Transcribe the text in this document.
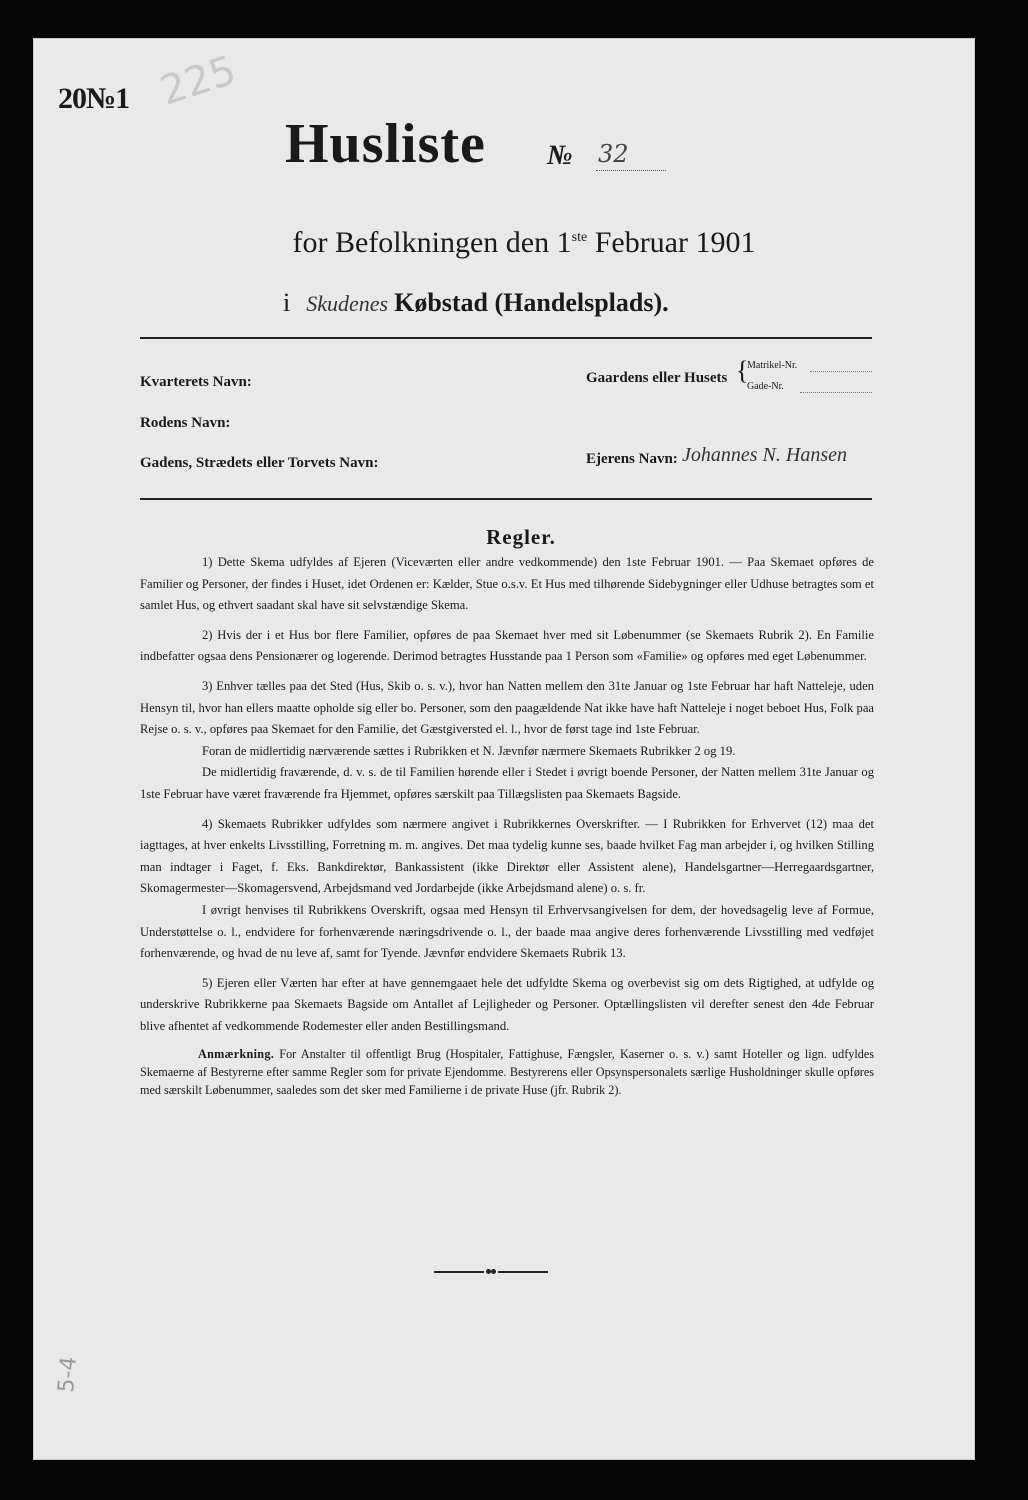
20№1 225
Husliste № 32
for Befolkningen den 1ste Februar 1901
i Skudenes Købstad (Handelsplads).
Kvarterets Navn:
Rodens Navn:
Gadens, Strædets eller Torvets Navn:
Gaardens eller Husets {
Matrikel-Nr.
Gade-Nr.
Ejerens Navn: Johannes N. Hansen
Regler.

1) Dette Skema udfyldes af Ejeren (Viceværten eller andre vedkommende) den 1ste Februar 1901. — Paa Skemaet opføres de Familier og Personer, der findes i Huset, idet Ordenen er: Kælder, Stue o.s.v. Et Hus med tilhørende Sidebygninger eller Udhuse betragtes som et samlet Hus, og ethvert saadant skal have sit selvstændige Skema.

2) Hvis der i et Hus bor flere Familier, opføres de paa Skemaet hver med sit Løbenummer (se Skemaets Rubrik 2). En Familie indbefatter ogsaa dens Pensionærer og logerende. Derimod betragtes Husstande paa 1 Person som «Familie» og opføres med eget Løbenummer.

3) Enhver tælles paa det Sted (Hus, Skib o. s. v.), hvor han Natten mellem den 31te Januar og 1ste Februar har haft Natteleje, uden Hensyn til, hvor han ellers maatte opholde sig eller bo. Personer, som den paagældende Nat ikke have haft Natteleje i noget beboet Hus, Folk paa Rejse o. s. v., opføres paa Skemaet for den Familie, det Gæstgiversted el. l., hvor de først tage ind 1ste Februar.

Foran de midlertidig nærværende sættes i Rubrikken et N. Jævnfør nærmere Skemaets Rubrikker 2 og 19.

De midlertidig fraværende, d. v. s. de til Familien hørende eller i Stedet i øvrigt boende Personer, der Natten mellem 31te Januar og 1ste Februar have været fraværende fra Hjemmet, opføres særskilt paa Tillægslisten paa Skemaets Bagside.

4) Skemaets Rubrikker udfyldes som nærmere angivet i Rubrikkernes Overskrifter. — I Rubrikken for Erhvervet (12) maa det iagttages, at hver enkelts Livsstilling, Forretning m. m. angives. Det maa tydelig kunne ses, baade hvilket Fag man arbejder i, og hvilken Stilling man indtager i Faget, f. Eks. Bankdirektør, Bankassistent (ikke Direktør eller Assistent alene), Handelsgartner—Herregaardsgartner, Skomagermester—Skomagersvend, Arbejdsmand ved Jordarbejde (ikke Arbejdsmand alene) o. s. fr.

I øvrigt henvises til Rubrikkens Overskrift, ogsaa med Hensyn til Erhvervsangivelsen for dem, der hovedsagelig leve af Formue, Understøttelse o. l., endvidere for forhenværende næringsdrivende o. l., der baade maa angive deres forhenværende Livsstilling med vedføjet forhenværende, og hvad de nu leve af, samt for Tyende. Jævnfør endvidere Skemaets Rubrik 13.

5) Ejeren eller Værten har efter at have gennemgaaet hele det udfyldte Skema og overbevist sig om dets Rigtighed, at udfylde og underskrive Rubrikkerne paa Skemaets Bagside om Antallet af Lejligheder og Personer. Optællingslisten vil derefter senest den 4de Februar blive afhentet af vedkommende Rodemester eller anden Bestillingsmand.

Anmærkning. For Anstalter til offentligt Brug (Hospitaler, Fattighuse, Fængsler, Kaserner o. s. v.) samt Hoteller og lign. udfyldes Skemaerne af Bestyrerne efter samme Regler som for private Ejendomme. Bestyrerens eller Opsynspersonalets særlige Husholdninger skulle opføres med særskilt Løbenummer, saaledes som det sker med Familierne i de private Huse (jfr. Rubrik 2).

5-4
